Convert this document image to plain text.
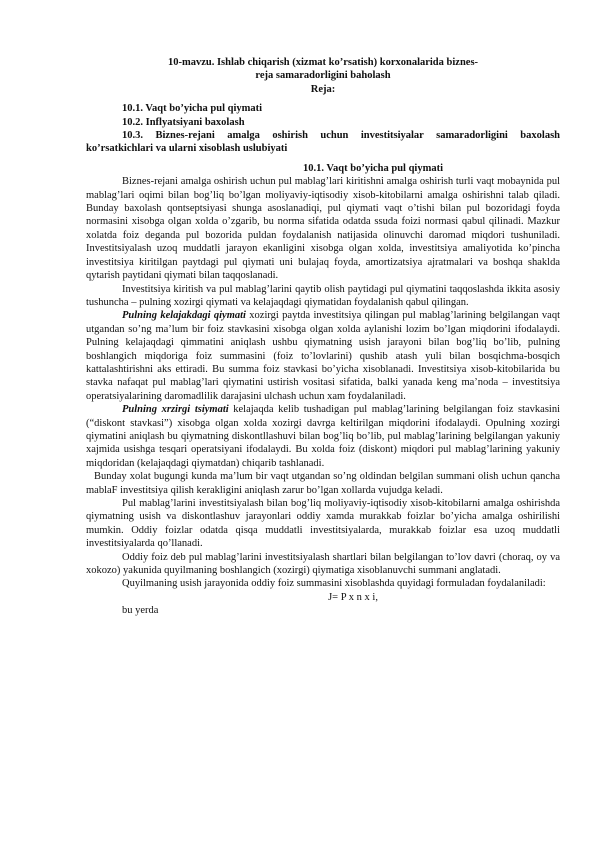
10-mavzu. Ishlab chiqarish (xizmat ko’rsatish) korxonalarida biznes-

reja samaradorligini baholash

Reja:

10.1. Vaqt bo’yicha pul qiymati

10.2. Inflyatsiyani baxolash

10.3. Biznes-rejani amalga oshirish uchun investitsiyalar samaradorligini baxolash ko’rsatkichlari va ularni xisoblash uslubiyati

10.1. Vaqt bo’yicha pul qiymati

Biznes-rejani amalga oshirish uchun pul mablag’lari kiritishni amalga oshirish turli vaqt mobaynida pul mablag’lari oqimi bilan bog’liq bo’lgan moliyaviy-iqtisodiy xisob-kitobilarni amalga oshirishni talab qiladi. Bunday baxolash qontseptsiyasi shunga asoslanadiqi, pul qiymati vaqt o’tishi bilan pul bozoridagi foyda normasini xisobga olgan xolda o’zgarib, bu norma sifatida odatda ssuda foizi normasi qabul qilinadi. Mazkur xolatda foiz deganda pul bozorida puldan foydalanish natijasida olinuvchi daromad miqdori tushuniladi. Investitsiyalash uzoq muddatli jarayon ekanligini xisobga olgan xolda, investitsiya amaliyotida ko’pincha investitsiya kiritilgan paytdagi pul qiymati uni bulajaq foyda, amortizatsiya ajratmalari va boshqa shaklda qytarish paytidani qiymati bilan taqqoslanadi.

Investitsiya kiritish va pul mablag’larini qaytib olish paytidagi pul qiymatini taqqoslashda ikkita asosiy tushuncha – pulning xozirgi qiymati va kelajaqdagi qiymatidan foydalanish qabul qilingan.

Pulning kelajakdagi qiymati xozirgi paytda investitsiya qilingan pul mablag’larining belgilangan vaqt utgandan so’ng ma’lum bir foiz stavkasini xisobga olgan xolda aylanishi lozim bo’lgan miqdorini ifodalaydi. Pulning kelajaqdagi qimmatini aniqlash ushbu qiymatning usish jarayoni bilan bog’liq bo’lib, pulning boshlangich miqdoriga foiz summasini (foiz to’lovlarini) qushib atash yuli bilan bosqichma-bosqich kattalashtirishni aks ettiradi. Bu summa foiz stavkasi bo’yicha xisoblanadi. Investitsiya xisob-kitobilarida bu stavka nafaqat pul mablag’lari qiymatini ustirish vositasi sifatida, balki yanada keng ma’noda – investitsiya operatsiyalarining daromadlilik darajasini ulchash uchun xam foydalaniladi.

Pulning xrzirgi tsiymati kelajaqda kelib tushadigan pul mablag’larining belgilangan foiz stavkasini (“diskont stavkasi”) xisobga olgan xolda xozirgi davrga keltirilgan miqdorini ifodalaydi. Opulning xozirgi qiymatini aniqlash bu qiymatning diskontllashuvi bilan bog’liq bo’lib, pul mablag’larining belgilangan yakuniy xajmida usishga tesqari operatsiyani ifodalaydi. Bu xolda foiz (diskont) miqdori pul mablag’larining yakuniy miqdoridan (kelajaqdagi qiymatdan) chiqarib tashlanadi.

Bunday xolat bugungi kunda ma’lum bir vaqt utgandan so’ng oldindan belgilan summani olish uchun qancha mablaF investitsiya qilish kerakligini aniqlash zarur bo’lgan xollarda vujudga keladi.

Pul mablag’larini investitsiyalash bilan bog’liq moliyaviy-iqtisodiy xisob-kitobilarni amalga oshirishda qiymatning usish va diskontlashuv jarayonlari oddiy xamda murakkab foizlar bo’yicha amalga oshirilishi mumkin. Oddiy foizlar odatda qisqa muddatli investitsiyalarda, murakkab foizlar esa uzoq muddatli investitsiyalarda qo’llanadi.

Oddiy foiz deb pul mablag’larini investitsiyalash shartlari bilan belgilangan to’lov davri (choraq, oy va xokozo) yakunida quyilmaning boshlangich (xozirgi) qiymatiga xisoblanuvchi summani anglatadi.

Quyilmaning usish jarayonida oddiy foiz summasini xisoblashda quyidagi formuladan foydalaniladi:

J= P x n x i,

bu yerda
